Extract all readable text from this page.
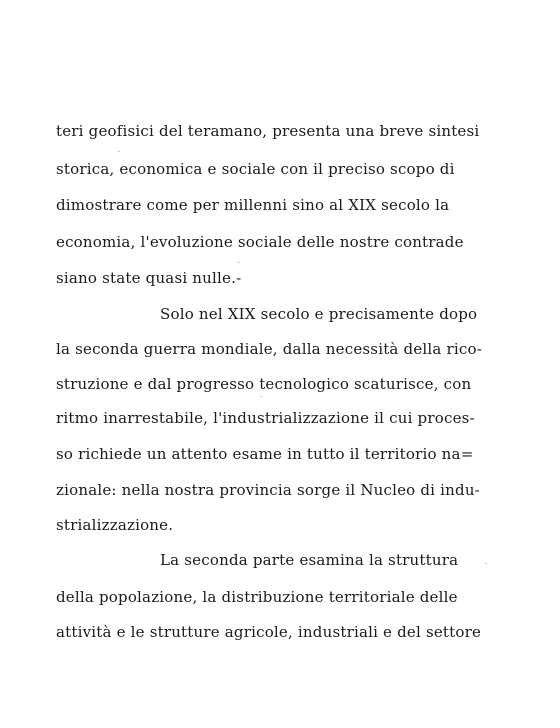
teri geofisici del teramano, presenta una breve sintesi
storica, economica e sociale con il preciso scopo di
dimostrare come per millenni sino al XIX secolo la
economia, l'evoluzione sociale delle nostre contrade
siano state quasi nulle.-
Solo nel XIX secolo e precisamente dopo
la seconda guerra mondiale, dalla necessità della rico-
struzione e dal progresso tecnologico scaturisce, con
ritmo inarrestabile, l'industrializzazione il cui proces-
so richiede un attento esame in tutto il territorio na=
zionale: nella nostra provincia sorge il Nucleo di indu-
strializzazione.
La seconda parte esamina la struttura
della popolazione, la distribuzione territoriale delle
attività e le strutture agricole, industriali e del settore
